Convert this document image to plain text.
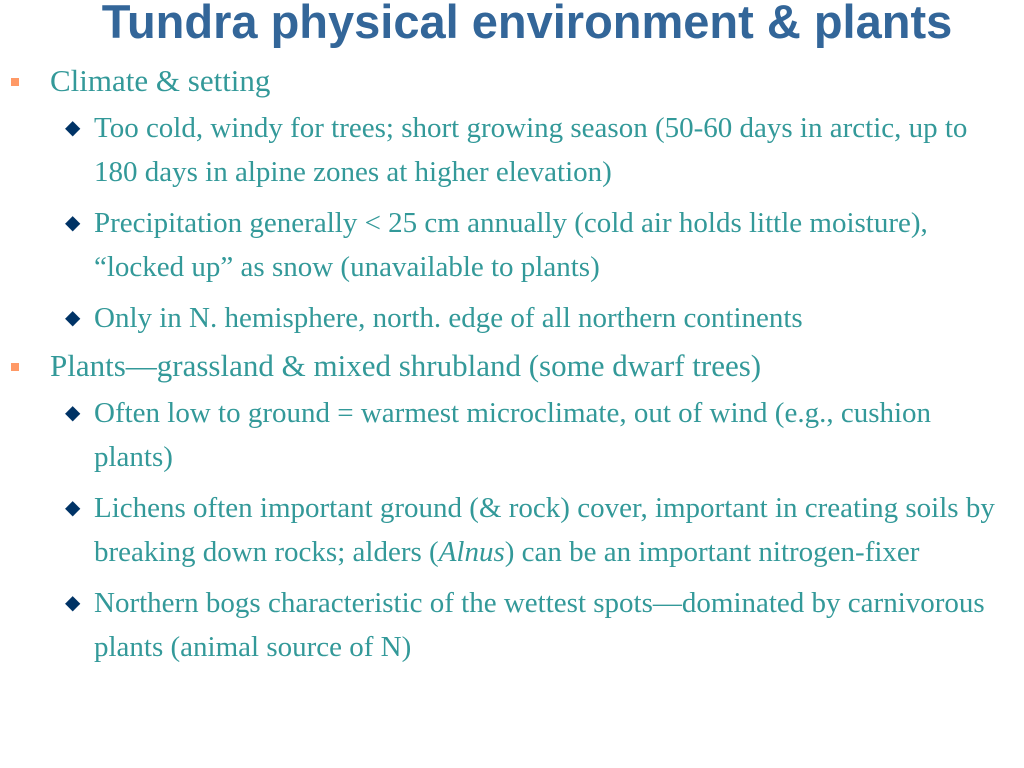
Tundra physical environment & plants
Climate & setting
◆ Too cold, windy for trees; short growing season (50-60 days in arctic, up to 180 days in alpine zones at higher elevation)
◆ Precipitation generally < 25 cm annually (cold air holds little moisture), “locked up” as snow (unavailable to plants)
◆ Only in N. hemisphere, north. edge of all northern continents
Plants—grassland & mixed shrubland (some dwarf trees)
◆ Often low to ground = warmest microclimate, out of wind (e.g., cushion plants)
◆ Lichens often important ground (& rock) cover, important in creating soils by breaking down rocks; alders (Alnus) can be an important nitrogen-fixer
◆ Northern bogs characteristic of the wettest spots—dominated by carnivorous plants (animal source of N)
